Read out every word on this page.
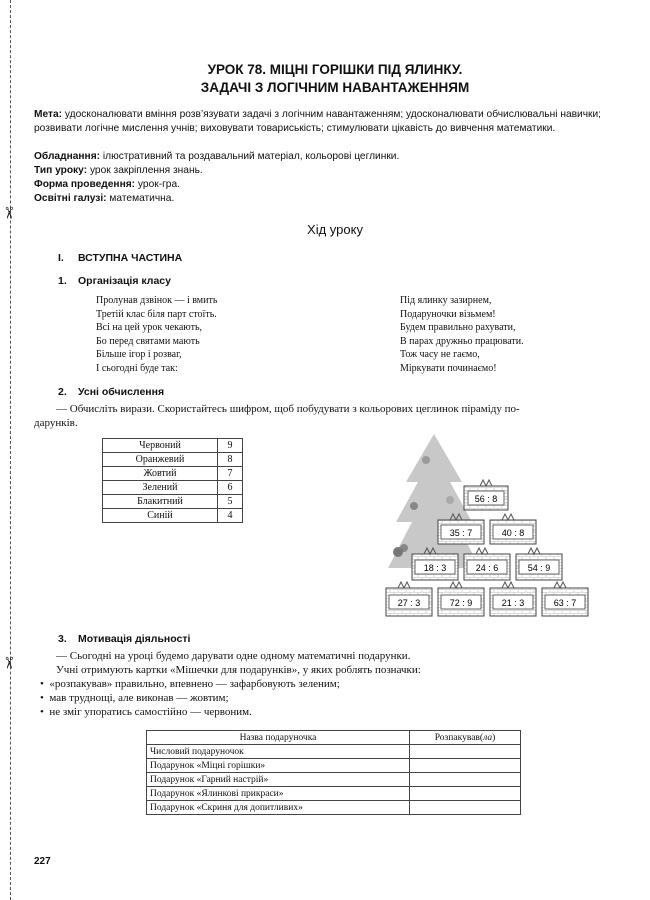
✂
✂
УРОК 78. МІЦНІ ГОРІШКИ ПІД ЯЛИНКУ.
ЗАДАЧІ З ЛОГІЧНИМ НАВАНТАЖЕННЯМ
Мета: удосконалювати вміння розв’язувати задачі з логічним навантаженням; удосконалювати обчислювальні навички; розвивати логічне мислення учнів; виховувати товариськість; стимулювати цікавість до вивчення математики.
Обладнання: ілюстративний та роздавальний матеріал, кольорові цеглинки.
Тип уроку: урок закріплення знань.
Форма проведення: урок-гра.
Освітні галузі: математична.
Хід уроку
I. ВСТУПНА ЧАСТИНА
1. Організація класу
Пролунав дзвінок — і вмить
Третій клас біля парт стоїть.
Всі на цей урок чекають,
Бо перед святами мають
Більше ігор і розваг,
І сьогодні буде так:
Під ялинку зазирнем,
Подаруночки візьмем!
Будем правильно рахувати,
В парах дружньо працювати.
Тож часу не гаємо,
Міркувати починаємо!
2. Усні обчислення
— Обчисліть вирази. Скористайтесь шифром, щоб побудувати з кольорових цеглинок піраміду по-
дарунків.
Червоний	9
Оранжевий	8
Жовтий	7
Зелений	6
Блакитний	5
Синій	4
56 : 8
35 : 7	40 : 8
18 : 3	24 : 6	54 : 9
27 : 3	72 : 9	21 : 3	63 : 7
3. Мотивація діяльності
— Сьогодні на уроці будемо дарувати одне одному математичні подарунки.
Учні отримують картки «Мішечки для подарунків», у яких роблять позначки:
•  «розпакував» правильно, впевнено — зафарбовують зеленим;
•  мав труднощі, але виконав — жовтим;
•  не зміг упоратись самостійно — червоним.
Назва подаруночка	Розпакував(ла)
Числовий подаруночок	
Подарунок «Міцні горішки»	
Подарунок «Гарний настрій»	
Подарунок «Ялинкові прикраси»	
Подарунок «Скриня для допитливих»	
227
